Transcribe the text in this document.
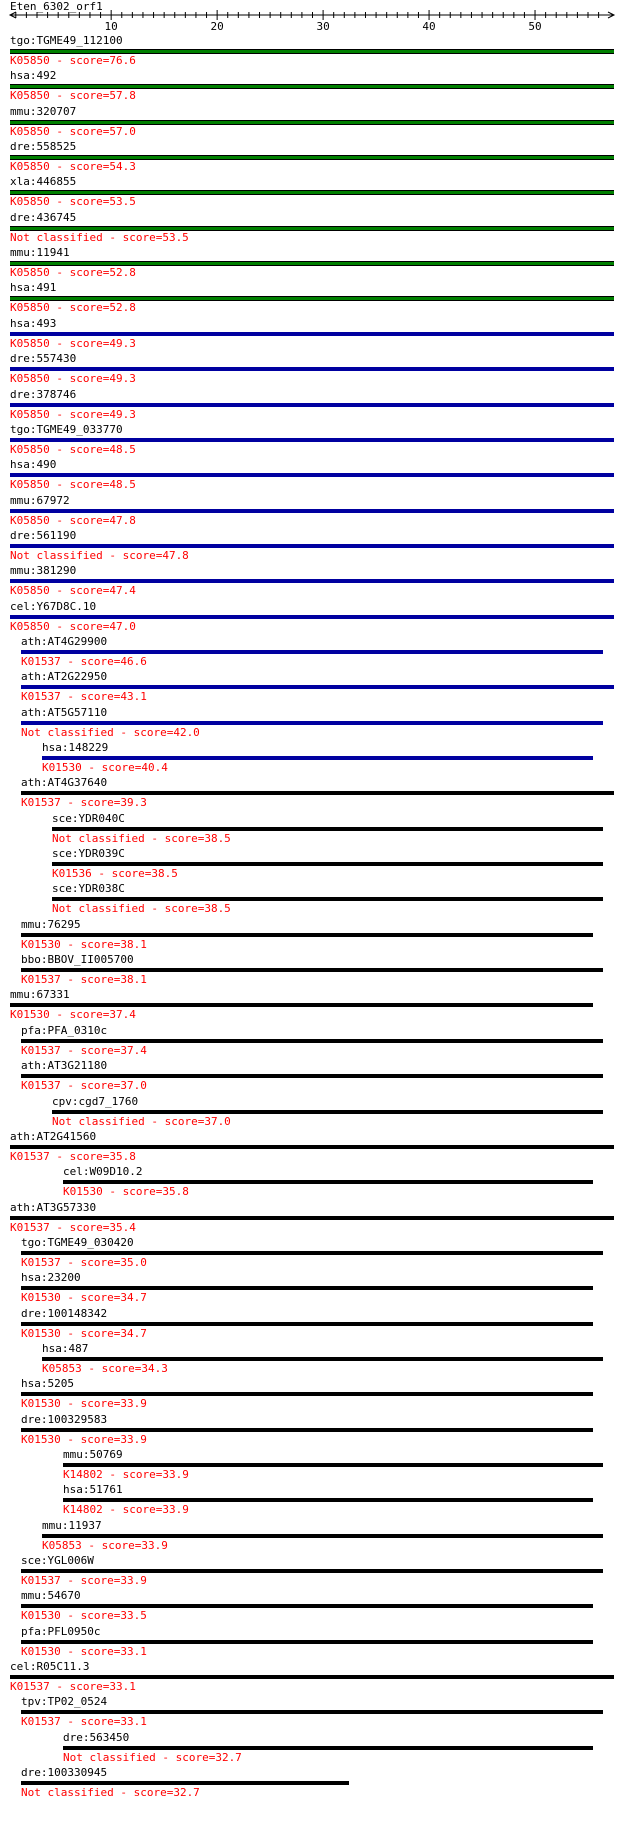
Eten_6302_orf1
10	20	30	40	50
tgo:TGME49_112100
K05850 - score=76.6
hsa:492
K05850 - score=57.8
mmu:320707
K05850 - score=57.0
dre:558525
K05850 - score=54.3
xla:446855
K05850 - score=53.5
dre:436745
Not classified - score=53.5
mmu:11941
K05850 - score=52.8
hsa:491
K05850 - score=52.8
hsa:493
K05850 - score=49.3
dre:557430
K05850 - score=49.3
dre:378746
K05850 - score=49.3
tgo:TGME49_033770
K05850 - score=48.5
hsa:490
K05850 - score=48.5
mmu:67972
K05850 - score=47.8
dre:561190
Not classified - score=47.8
mmu:381290
K05850 - score=47.4
cel:Y67D8C.10
K05850 - score=47.0
ath:AT4G29900
K01537 - score=46.6
ath:AT2G22950
K01537 - score=43.1
ath:AT5G57110
Not classified - score=42.0
hsa:148229
K01530 - score=40.4
ath:AT4G37640
K01537 - score=39.3
sce:YDR040C
Not classified - score=38.5
sce:YDR039C
K01536 - score=38.5
sce:YDR038C
Not classified - score=38.5
mmu:76295
K01530 - score=38.1
bbo:BBOV_II005700
K01537 - score=38.1
mmu:67331
K01530 - score=37.4
pfa:PFA_0310c
K01537 - score=37.4
ath:AT3G21180
K01537 - score=37.0
cpv:cgd7_1760
Not classified - score=37.0
ath:AT2G41560
K01537 - score=35.8
cel:W09D10.2
K01530 - score=35.8
ath:AT3G57330
K01537 - score=35.4
tgo:TGME49_030420
K01537 - score=35.0
hsa:23200
K01530 - score=34.7
dre:100148342
K01530 - score=34.7
hsa:487
K05853 - score=34.3
hsa:5205
K01530 - score=33.9
dre:100329583
K01530 - score=33.9
mmu:50769
K14802 - score=33.9
hsa:51761
K14802 - score=33.9
mmu:11937
K05853 - score=33.9
sce:YGL006W
K01537 - score=33.9
mmu:54670
K01530 - score=33.5
pfa:PFL0950c
K01530 - score=33.1
cel:R05C11.3
K01537 - score=33.1
tpv:TP02_0524
K01537 - score=33.1
dre:563450
Not classified - score=32.7
dre:100330945
Not classified - score=32.7
